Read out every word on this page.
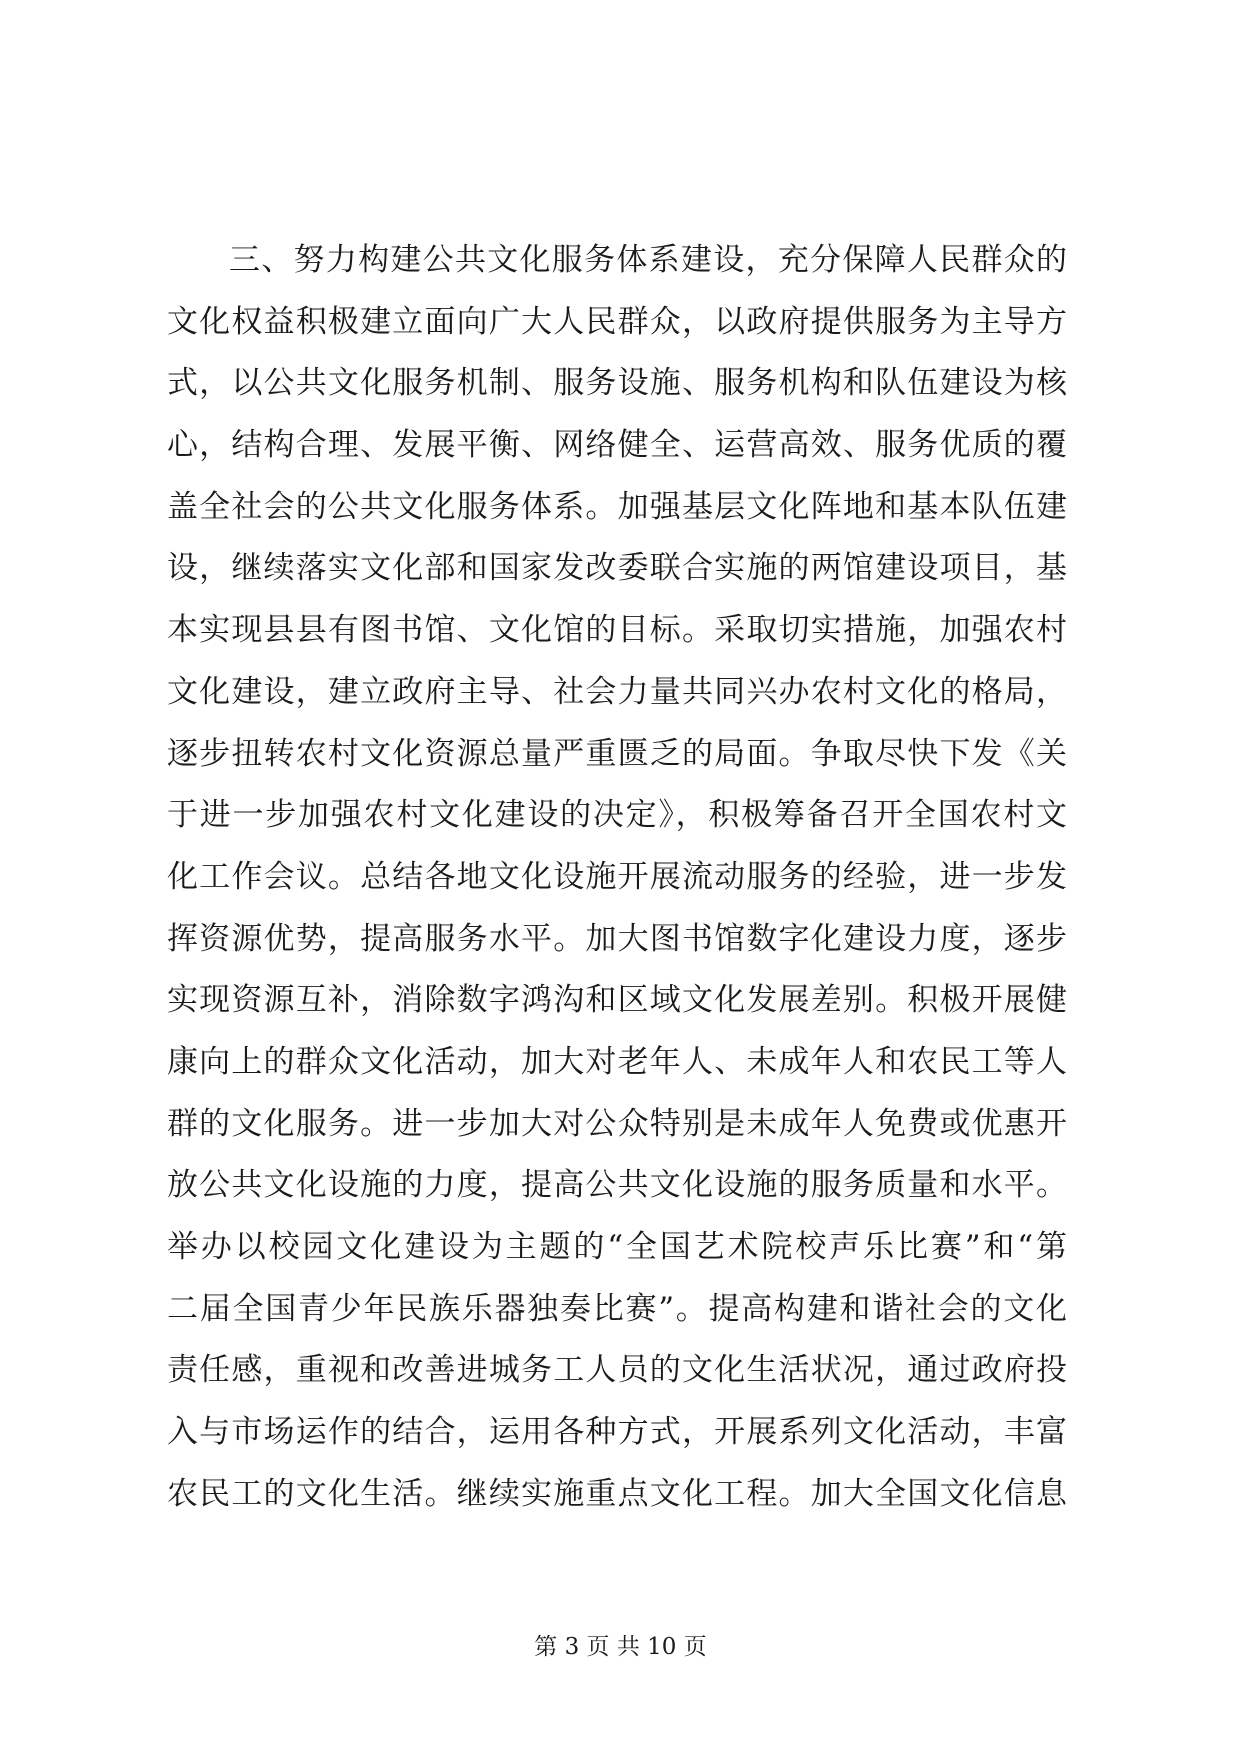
三、努力构建公共文化服务体系建设，充分保障人民群众的
文化权益积极建立面向广大人民群众，以政府提供服务为主导方
式，以公共文化服务机制、服务设施、服务机构和队伍建设为核
心，结构合理、发展平衡、网络健全、运营高效、服务优质的覆
盖全社会的公共文化服务体系。加强基层文化阵地和基本队伍建
设，继续落实文化部和国家发改委联合实施的两馆建设项目，基
本实现县县有图书馆、文化馆的目标。采取切实措施，加强农村
文化建设，建立政府主导、社会力量共同兴办农村文化的格局，
逐步扭转农村文化资源总量严重匮乏的局面。争取尽快下发《关
于进一步加强农村文化建设的决定》，积极筹备召开全国农村文
化工作会议。总结各地文化设施开展流动服务的经验，进一步发
挥资源优势，提高服务水平。加大图书馆数字化建设力度，逐步
实现资源互补，消除数字鸿沟和区域文化发展差别。积极开展健
康向上的群众文化活动，加大对老年人、未成年人和农民工等人
群的文化服务。进一步加大对公众特别是未成年人免费或优惠开
放公共文化设施的力度，提高公共文化设施的服务质量和水平。
举办以校园文化建设为主题的“全国艺术院校声乐比赛”和“第
二届全国青少年民族乐器独奏比赛”。提高构建和谐社会的文化
责任感，重视和改善进城务工人员的文化生活状况，通过政府投
入与市场运作的结合，运用各种方式，开展系列文化活动，丰富
农民工的文化生活。继续实施重点文化工程。加大全国文化信息
第 3 页 共 10 页
